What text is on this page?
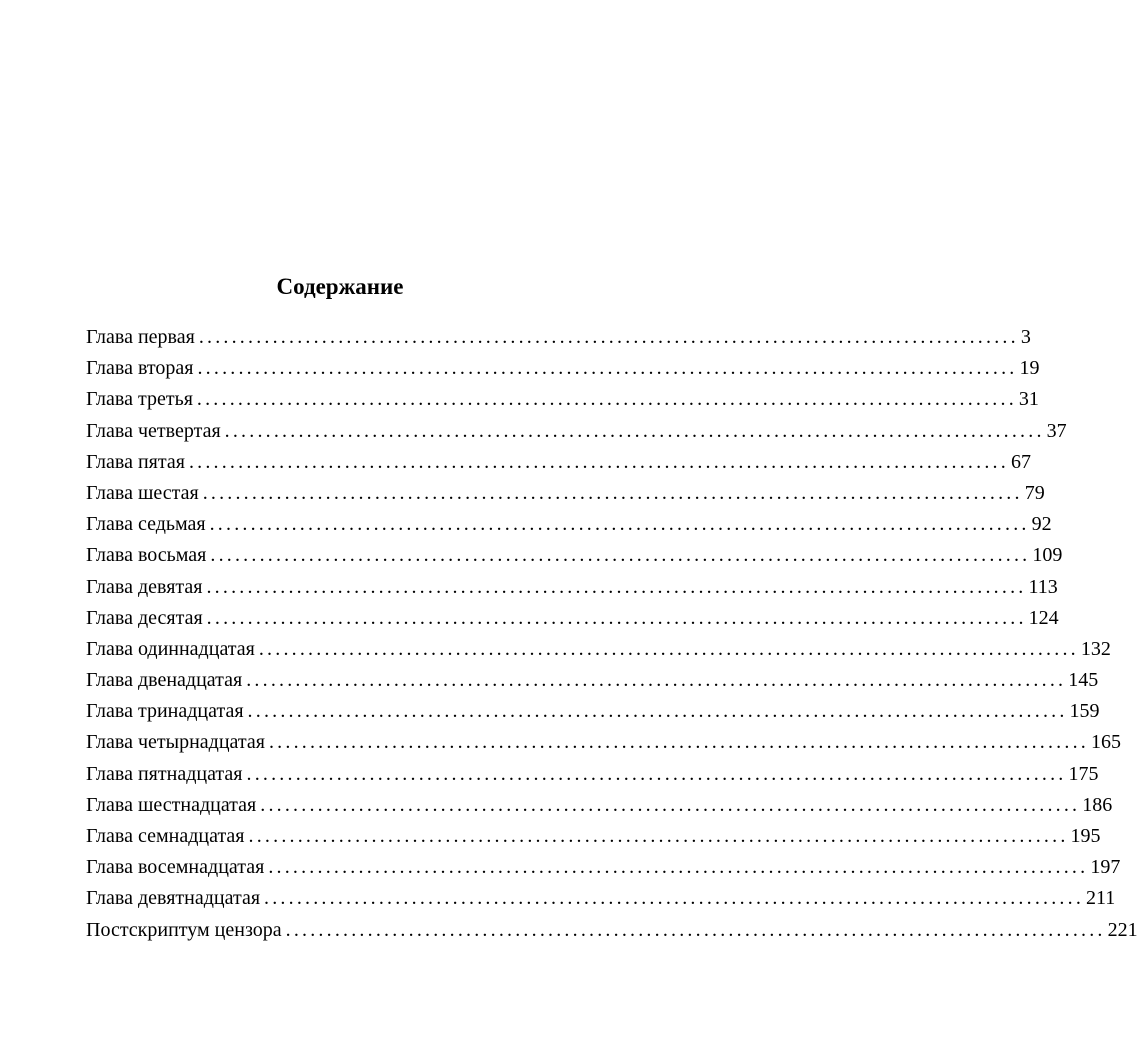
Содержание
Глава первая .................................................................................................... 3
Глава вторая .................................................................................................... 19
Глава третья .................................................................................................... 31
Глава четвертая .................................................................................................... 37
Глава пятая .................................................................................................... 67
Глава шестая .................................................................................................... 79
Глава седьмая .................................................................................................... 92
Глава восьмая .................................................................................................... 109
Глава девятая .................................................................................................... 113
Глава десятая .................................................................................................... 124
Глава одиннадцатая .................................................................................................... 132
Глава двенадцатая .................................................................................................... 145
Глава тринадцатая .................................................................................................... 159
Глава четырнадцатая .................................................................................................... 165
Глава пятнадцатая .................................................................................................... 175
Глава шестнадцатая .................................................................................................... 186
Глава семнадцатая .................................................................................................... 195
Глава восемнадцатая .................................................................................................... 197
Глава девятнадцатая .................................................................................................... 211
Постскриптум цензора .................................................................................................... 221
